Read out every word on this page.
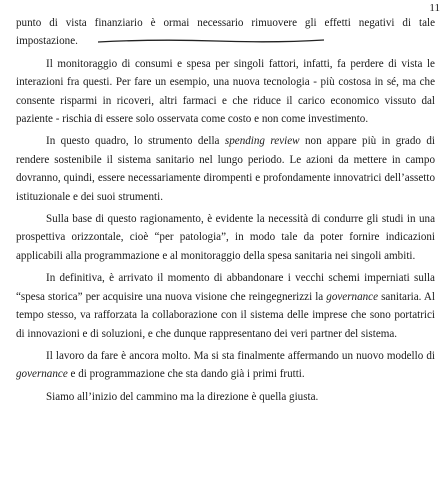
11

punto di vista finanziario è ormai necessario rimuovere gli effetti negativi di tale impostazione.

Il monitoraggio di consumi e spesa per singoli fattori, infatti, fa perdere di vista le interazioni fra questi. Per fare un esempio, una nuova tecnologia - più costosa in sé, ma che consente risparmi in ricoveri, altri farmaci e che riduce il carico economico vissuto dal paziente - rischia di essere solo osservata come costo e non come investimento.

In questo quadro, lo strumento della spending review non appare più in grado di rendere sostenibile il sistema sanitario nel lungo periodo. Le azioni da mettere in campo dovranno, quindi, essere necessariamente dirompenti e profondamente innovatrici dell’assetto istituzionale e dei suoi strumenti.

Sulla base di questo ragionamento, è evidente la necessità di condurre gli studi in una prospettiva orizzontale, cioè “per patologia”, in modo tale da poter fornire indicazioni applicabili alla programmazione e al monitoraggio della spesa sanitaria nei singoli ambiti.

In definitiva, è arrivato il momento di abbandonare i vecchi schemi imperniati sulla “spesa storica” per acquisire una nuova visione che reingegnerizzi la governance sanitaria. Al tempo stesso, va rafforzata la collaborazione con il sistema delle imprese che sono portatrici di innovazioni e di soluzioni, e che dunque rappresentano dei veri partner del sistema.

Il lavoro da fare è ancora molto. Ma si sta finalmente affermando un nuovo modello di governance e di programmazione che sta dando già i primi frutti.

Siamo all’inizio del cammino ma la direzione è quella giusta.
